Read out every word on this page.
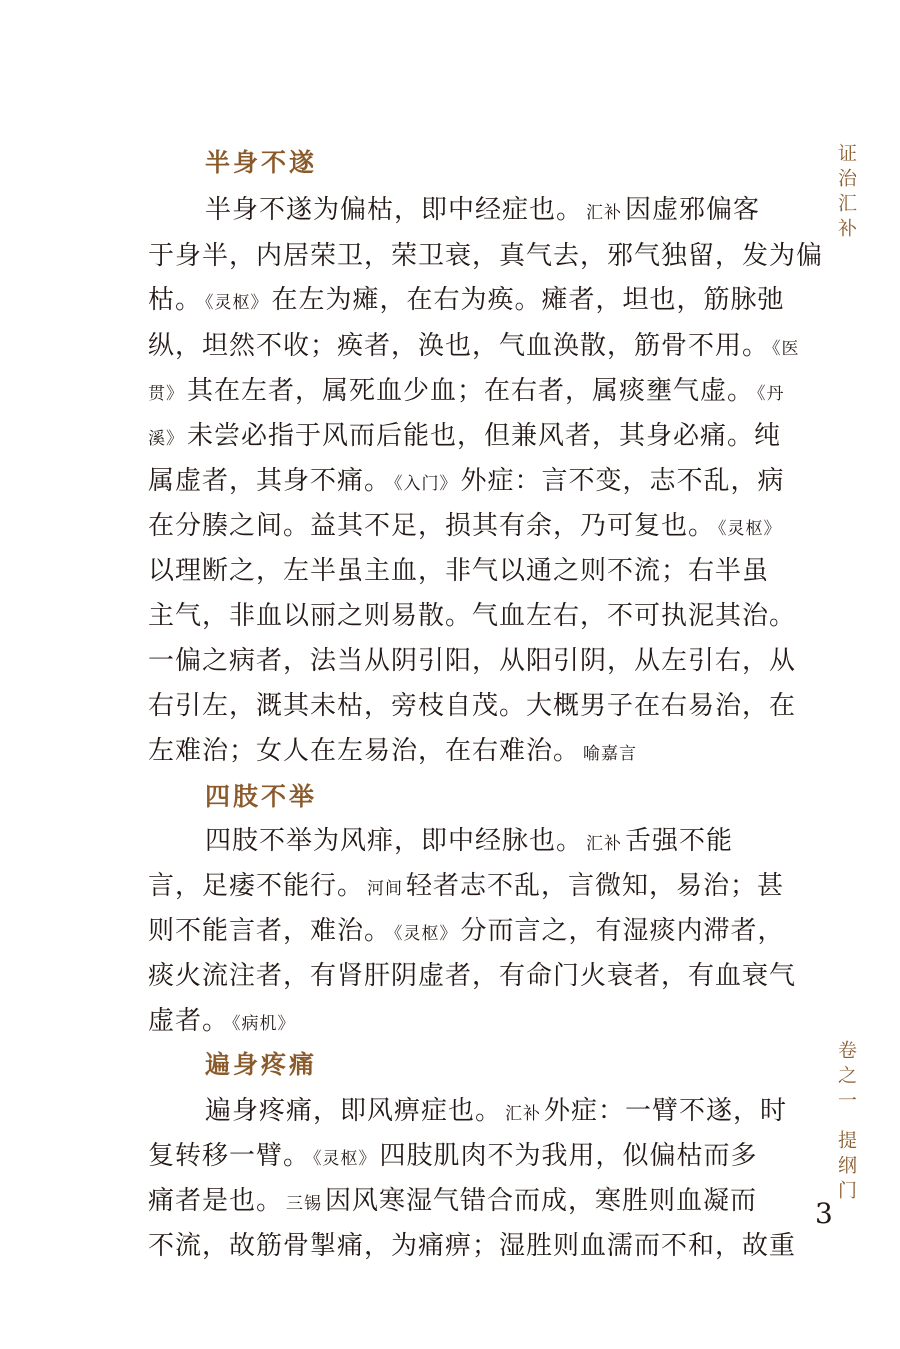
半身不遂
半身不遂为偏枯，即中经症也。 汇补 因虚邪偏客
于身半，内居荣卫，荣卫衰，真气去，邪气独留，发为偏
枯。 《灵枢》 在左为瘫，在右为痪。瘫者，坦也，筋脉弛
纵，坦然不收；痪者，涣也，气血涣散，筋骨不用。 《医
贯》 其在左者，属死血少血；在右者，属痰壅气虚。 《丹
溪》 未尝必指于风而后能也，但兼风者，其身必痛。纯
属虚者，其身不痛。 《入门》 外症：言不变，志不乱，病
在分腠之间。益其不足，损其有余，乃可复也。 《灵枢》
以理断之，左半虽主血，非气以通之则不流；右半虽
主气，非血以丽之则易散。气血左右，不可执泥其治。
一偏之病者，法当从阴引阳，从阳引阴，从左引右，从
右引左，溉其未枯，旁枝自茂。大概男子在右易治，在
左难治；女人在左易治，在右难治。 喻嘉言
四肢不举
四肢不举为风痱，即中经脉也。 汇补 舌强不能
言，足痿不能行。 河间 轻者志不乱，言微知，易治；甚
则不能言者，难治。 《灵枢》 分而言之，有湿痰内滞者，
痰火流注者，有肾肝阴虚者，有命门火衰者，有血衰气
虚者。 《病机》
遍身疼痛
遍身疼痛，即风痹症也。 汇补 外症：一臂不遂，时
复转移一臂。 《灵枢》 四肢肌肉不为我用，似偏枯而多
痛者是也。 三锡 因风寒湿气错合而成，寒胜则血凝而
不流，故筋骨掣痛，为痛痹；湿胜则血濡而不和，故重
证治汇补
卷之一
提纲门
3
